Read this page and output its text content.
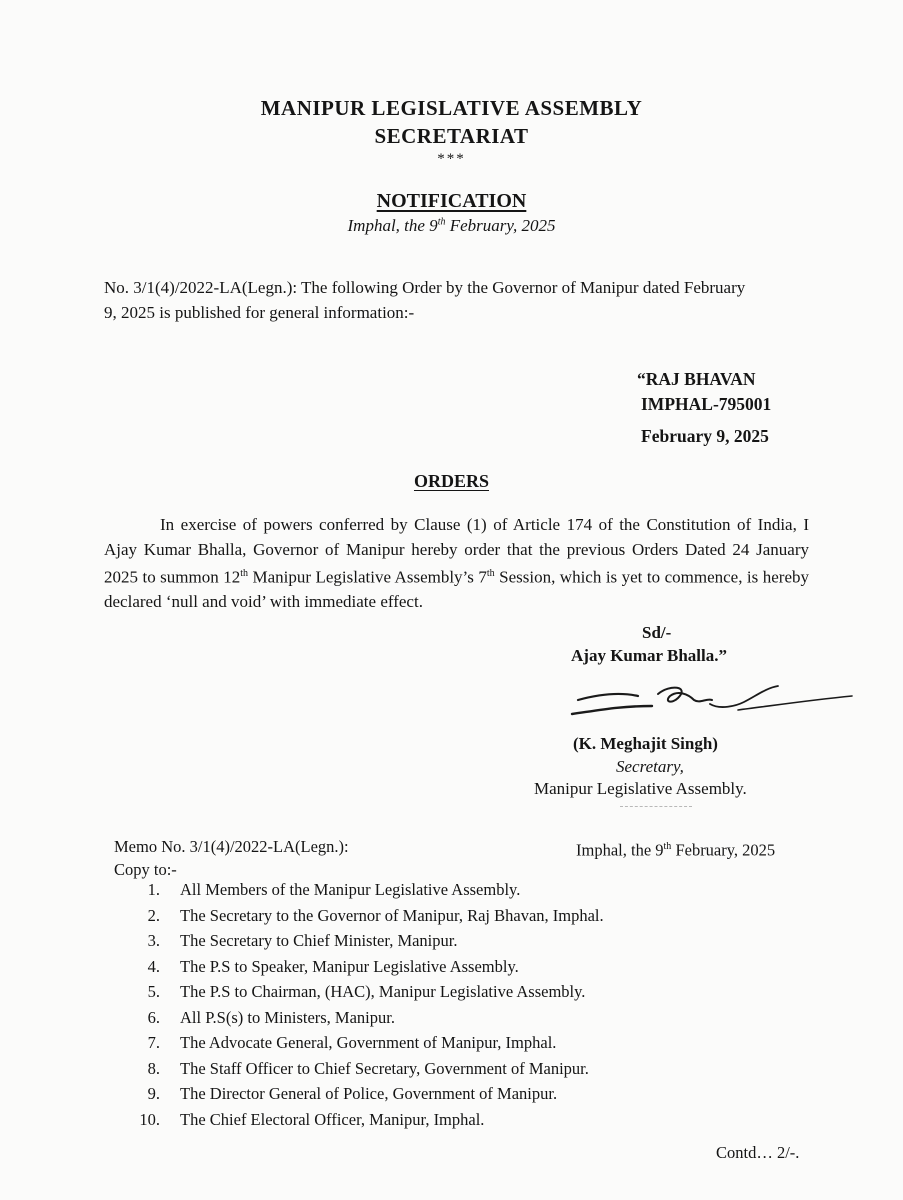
MANIPUR LEGISLATIVE ASSEMBLY
SECRETARIAT
***
NOTIFICATION
Imphal, the 9th February, 2025
No. 3/1(4)/2022-LA(Legn.): The following Order by the Governor of Manipur dated February
9, 2025 is published for general information:-
“RAJ BHAVAN
IMPHAL-795001
February 9, 2025
ORDERS
In exercise of powers conferred by Clause (1) of Article 174 of the Constitution of India, I Ajay Kumar Bhalla, Governor of Manipur hereby order that the previous Orders Dated 24 January 2025 to summon 12th Manipur Legislative Assembly’s 7th Session, which is yet to commence, is hereby declared ‘null and void’ with immediate effect.
Sd/-
Ajay Kumar Bhalla.”
(K. Meghajit Singh)
Secretary,
Manipur Legislative Assembly.
Memo No. 3/1(4)/2022-LA(Legn.):	Imphal, the 9th February, 2025
Copy to:-
1. All Members of the Manipur Legislative Assembly.
2. The Secretary to the Governor of Manipur, Raj Bhavan, Imphal.
3. The Secretary to Chief Minister, Manipur.
4. The P.S to Speaker, Manipur Legislative Assembly.
5. The P.S to Chairman, (HAC), Manipur Legislative Assembly.
6. All P.S(s) to Ministers, Manipur.
7. The Advocate General, Government of Manipur, Imphal.
8. The Staff Officer to Chief Secretary, Government of Manipur.
9. The Director General of Police, Government of Manipur.
10. The Chief Electoral Officer, Manipur, Imphal.
Contd… 2/-.
